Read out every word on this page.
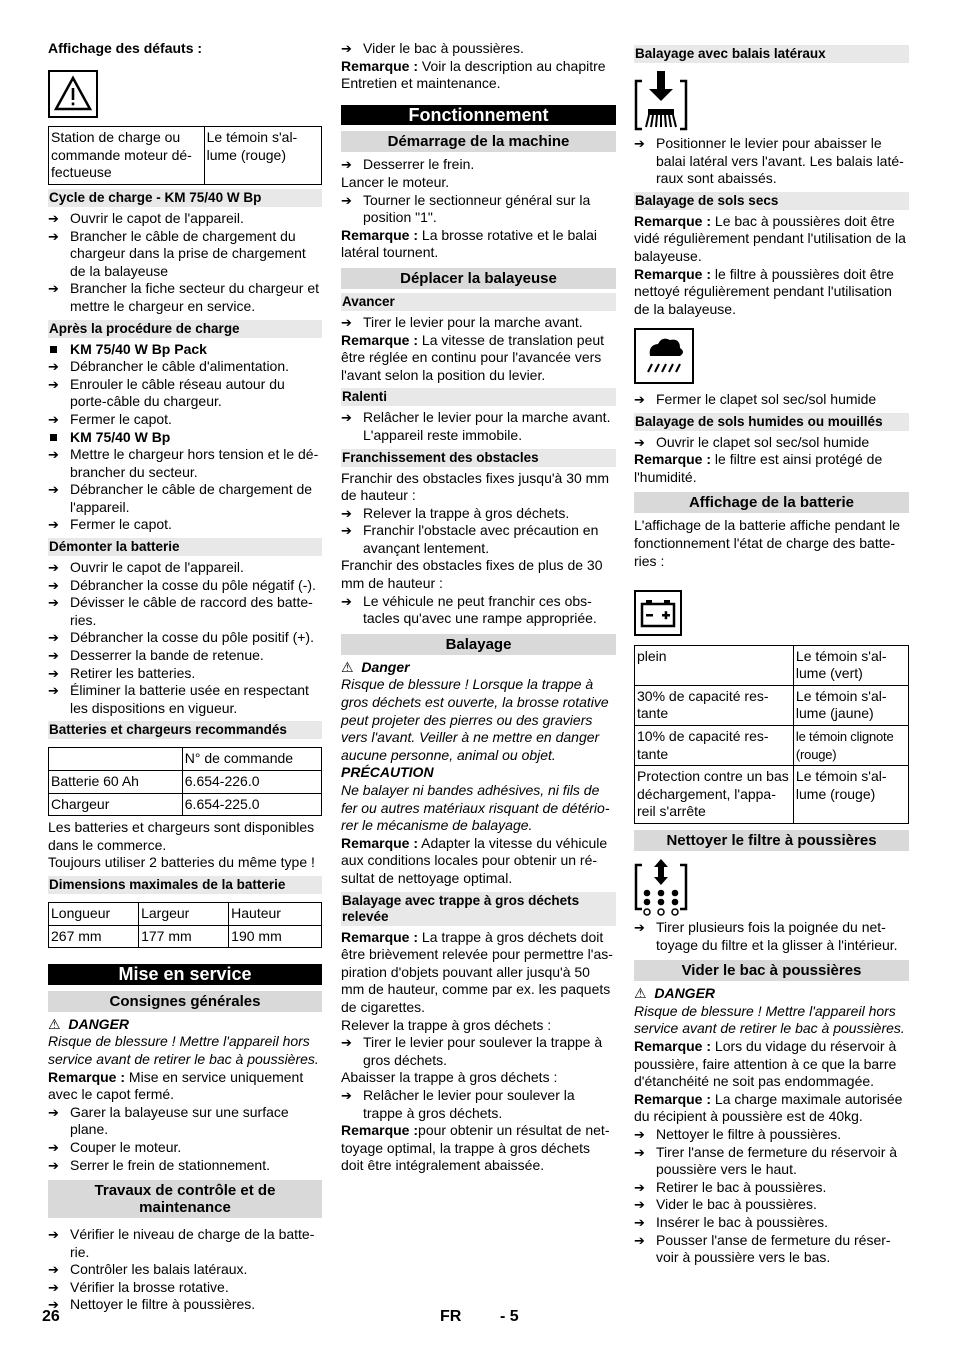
Affichage des défauts :

Station de charge ou commande moteur dé-fectueuse	Le témoin s'al-lume (rouge)
Cycle de charge - KM 75/40 W Bp

➔ Ouvrir le capot de l'appareil.

➔ Brancher le câble de chargement du chargeur dans la prise de chargement de la balayeuse

➔ Brancher la fiche secteur du chargeur et mettre le chargeur en service.

Après la procédure de charge

KM 75/40 W Bp Pack

➔ Débrancher le câble d'alimentation.

➔ Enrouler le câble réseau autour du porte-câble du chargeur.

➔ Fermer le capot.

KM 75/40 W Bp

➔ Mettre le chargeur hors tension et le dé-brancher du secteur.

➔ Débrancher le câble de chargement de l'appareil.

➔ Fermer le capot.

Démonter la batterie

➔ Ouvrir le capot de l'appareil.

➔ Débrancher la cosse du pôle négatif (-).

➔ Dévisser le câble de raccord des batte-ries.

➔ Débrancher la cosse du pôle positif (+).

➔ Desserrer la bande de retenue.

➔ Retirer les batteries.

➔ Éliminer la batterie usée en respectant les dispositions en vigueur.

Batteries et chargeurs recommandés
	N° de commande
Batterie 60 Ah	6.654-226.0
Chargeur	6.654-225.0

Les batteries et chargeurs sont disponibles dans le commerce.

Toujours utiliser 2 batteries du même type !

Dimensions maximales de la batterie
Longueur	Largeur	Hauteur
267 mm	177 mm	190 mm
Mise en service
Consignes générales

⚠ DANGER

Risque de blessure ! Mettre l'appareil hors service avant de retirer le bac à poussières.

Remarque : Mise en service uniquement avec le capot fermé.

➔ Garer la balayeuse sur une surface plane.

➔ Couper le moteur.

➔ Serrer le frein de stationnement.

Travaux de contrôle et de maintenance

➔ Vérifier le niveau de charge de la batte-rie.

➔ Contrôler les balais latéraux.

➔ Vérifier la brosse rotative.

➔ Nettoyer le filtre à poussières.

➔ Vider le bac à poussières.

Remarque : Voir la description au chapitre Entretien et maintenance.

Fonctionnement
Démarrage de la machine

➔ Desserrer le frein.

Lancer le moteur.

➔ Tourner le sectionneur général sur la position "1".

Remarque : La brosse rotative et le balai latéral tournent.

Déplacer la balayeuse
Avancer

➔ Tirer le levier pour la marche avant.

Remarque : La vitesse de translation peut être réglée en continu pour l'avancée vers l'avant selon la position du levier.

Ralenti

➔ Relâcher le levier pour la marche avant. L'appareil reste immobile.

Franchissement des obstacles

Franchir des obstacles fixes jusqu'à 30 mm de hauteur :

➔ Relever la trappe à gros déchets.

➔ Franchir l'obstacle avec précaution en avançant lentement.

Franchir des obstacles fixes de plus de 30 mm de hauteur :

➔ Le véhicule ne peut franchir ces obs-tacles qu'avec une rampe appropriée.

Balayage

⚠ Danger

Risque de blessure ! Lorsque la trappe à gros déchets est ouverte, la brosse rotative peut projeter des pierres ou des graviers vers l'avant. Veiller à ne mettre en danger aucune personne, animal ou objet.

PRÉCAUTION

Ne balayer ni bandes adhésives, ni fils de fer ou autres matériaux risquant de détério-rer le mécanisme de balayage.

Remarque : Adapter la vitesse du véhicule aux conditions locales pour obtenir un ré-sultat de nettoyage optimal.

Balayage avec trappe à gros déchets relevée

Remarque : La trappe à gros déchets doit être brièvement relevée pour permettre l'as-piration d'objets pouvant aller jusqu'à 50 mm de hauteur, comme par ex. les paquets de cigarettes.

Relever la trappe à gros déchets :

➔ Tirer le levier pour soulever la trappe à gros déchets.

Abaisser la trappe à gros déchets :

➔ Relâcher le levier pour soulever la trappe à gros déchets.

Remarque :pour obtenir un résultat de net-toyage optimal, la trappe à gros déchets doit être intégralement abaissée.

Balayage avec balais latéraux

➔ Positionner le levier pour abaisser le balai latéral vers l'avant. Les balais laté-raux sont abaissés.

Balayage de sols secs

Remarque : Le bac à poussières doit être vidé régulièrement pendant l'utilisation de la balayeuse.

Remarque : le filtre à poussières doit être nettoyé régulièrement pendant l'utilisation de la balayeuse.

➔ Fermer le clapet sol sec/sol humide

Balayage de sols humides ou mouillés

➔ Ouvrir le clapet sol sec/sol humide

Remarque : le filtre est ainsi protégé de l'humidité.

Affichage de la batterie

L'affichage de la batterie affiche pendant le fonctionnement l'état de charge des batte-ries :

plein	Le témoin s'al-lume (vert)
30% de capacité res-tante	Le témoin s'al-lume (jaune)
10% de capacité res-tante	le témoin clignote (rouge)
Protection contre un bas déchargement, l'appa-reil s'arrête	Le témoin s'al-lume (rouge)
Nettoyer le filtre à poussières

➔ Tirer plusieurs fois la poignée du net-toyage du filtre et la glisser à l'intérieur.

Vider le bac à poussières

⚠ DANGER

Risque de blessure ! Mettre l'appareil hors service avant de retirer le bac à poussières.

Remarque : Lors du vidage du réservoir à poussière, faire attention à ce que la barre d'étanchéité ne soit pas endommagée.

Remarque : La charge maximale autorisée du récipient à poussière est de 40kg.

➔ Nettoyer le filtre à poussières.

➔ Tirer l'anse de fermeture du réservoir à poussière vers le haut.

➔ Retirer le bac à poussières.

➔ Vider le bac à poussières.

➔ Insérer le bac à poussières.

➔ Pousser l'anse de fermeture du réser-voir à poussière vers le bas.

26	FR - 5
